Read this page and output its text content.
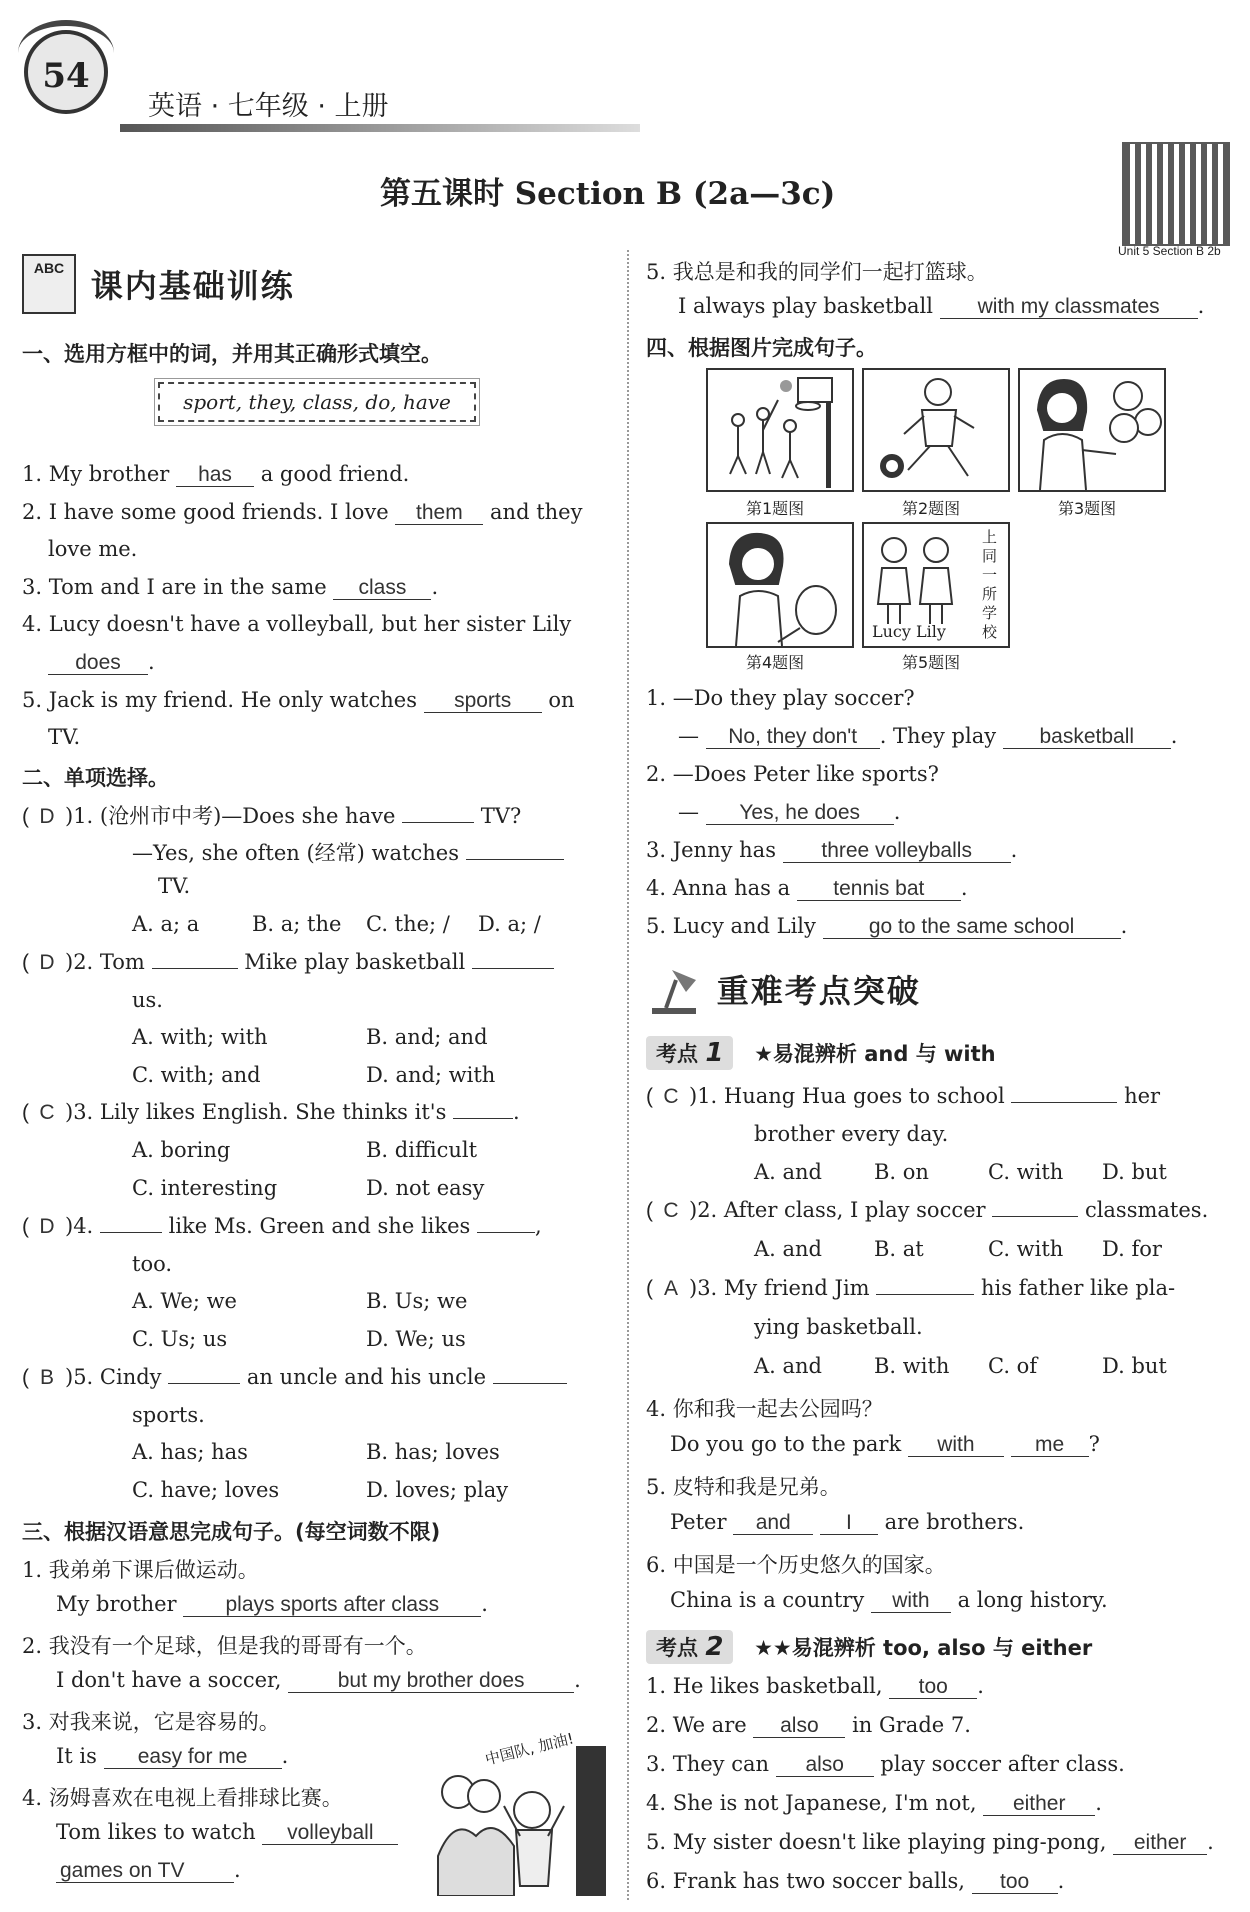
54
英语 · 七年级 · 上册
第五课时 Section B (2a—3c)
Unit 5 Section B 2b
ABC 课内基础训练
一、选用方框中的词，并用其正确形式填空。
sport, they, class, do, have
1. My brother has a good friend.
2. I have some good friends. I love them and they
love me.
3. Tom and I are in the same class .
4. Lucy doesn't have a volleyball, but her sister Lily
does .
5. Jack is my friend. He only watches sports on
TV.
二、单项选择。
( D )1. (沧州市中考)—Does she have	TV?
—Yes, she often (经常) watches
TV.
A. a; a	B. a; the C. the; / D. a; /
( D )2. Tom	Mike play basketball
us.
A. with; with	B. and; and
C. with; and	D. and; with
( C )3. Lily likes English. She thinks it's	.
A. boring	B. difficult
C. interesting	D. not easy
( D )4.	like Ms. Green and she likes	,
too.
A. We; we	B. Us; we
C. Us; us	D. We; us
( B )5. Cindy	an uncle and his uncle
sports.
A. has; has	B. has; loves
C. have; loves	D. loves; play
三、根据汉语意思完成句子。(每空词数不限)
1. 我弟弟下课后做运动。
My brother plays sports after class .
2. 我没有一个足球，但是我的哥哥有一个。
I don't have a soccer,	but my brother does .
3. 对我来说，它是容易的。
It is easy for me .
4. 汤姆喜欢在电视上看排球比赛。
Tom likes to watch volleyball
games on TV .
中国队, 加油!
5. 我总是和我的同学们一起打篮球。
I always play basketball with my classmates .
四、根据图片完成句子。
第1题图	第2题图	第3题图
第4题图
Lucy Lily
上同一所学校
第5题图
1. —Do they play soccer?
— No, they don't . They play basketball .
2. —Does Peter like sports?
— Yes, he does .
3. Jenny has three volleyballs .
4. Anna has a tennis bat .
5. Lucy and Lily	go to the same school .
重难考点突破
考点 1 ★易混辨析 and 与 with
( C )1. Huang Hua goes to school	her
brother every day.
A. and B. on	C. with D. but
( C )2. After class, I play soccer	classmates.
A. and B. at	C. with D. for
( A )3. My friend Jim	his father like pla-
ying basketball.
A. and B. with C. of	D. but
4. 你和我一起去公园吗？
Do you go to the park with	me ?
5. 皮特和我是兄弟。
Peter and	I are brothers.
6. 中国是一个历史悠久的国家。
China is a country with a long history.
考点 2 ★★易混辨析 too, also 与 either
1. He likes basketball, too .
2. We are also in Grade 7.
3. They can also play soccer after class.
4. She is not Japanese, I'm not, either .
5. My sister doesn't like playing ping-pong, either .
6. Frank has two soccer balls, too .
